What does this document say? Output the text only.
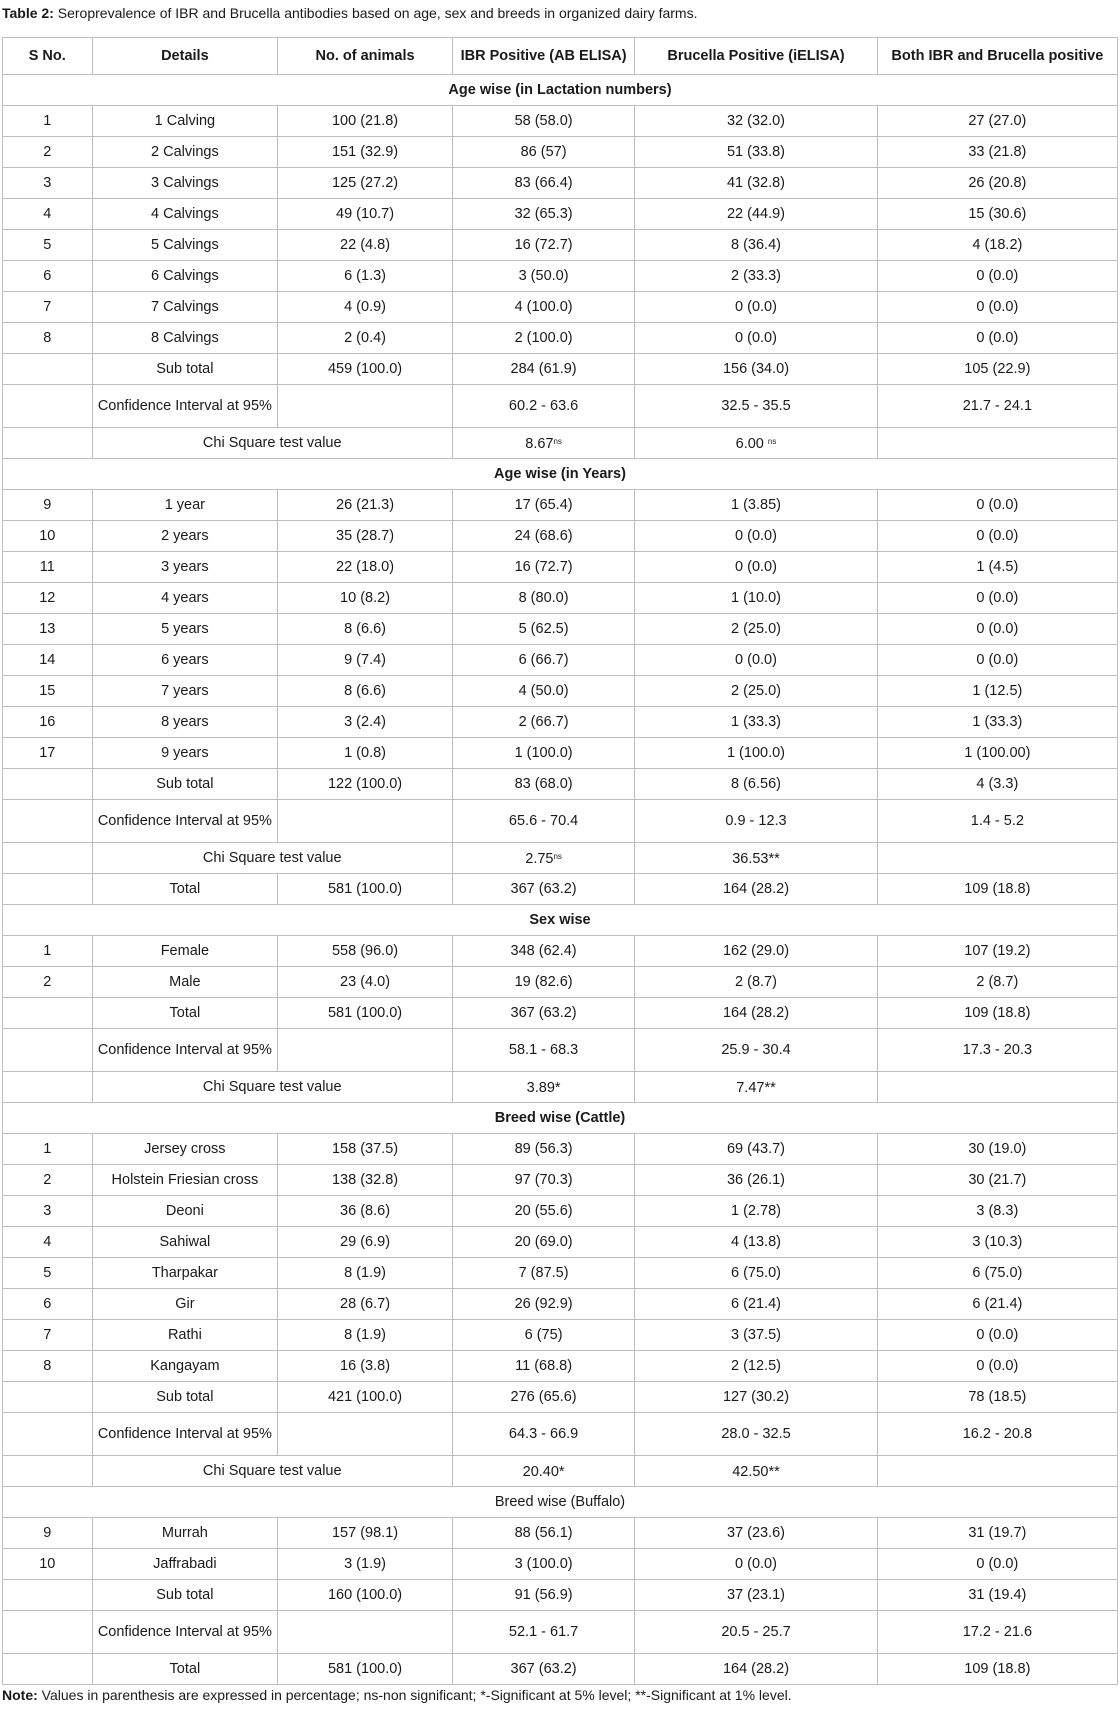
Table 2: Seroprevalence of IBR and Brucella antibodies based on age, sex and breeds in organized dairy farms.
S No.	Details	No. of animals	IBR Positive (AB ELISA)	Brucella Positive (iELISA)	Both IBR and Brucella positive
Age wise (in Lactation numbers)					
1	1 Calving	100 (21.8)	58 (58.0)	32 (32.0)	27 (27.0)
2	2 Calvings	151 (32.9)	86 (57)	51 (33.8)	33 (21.8)
3	3 Calvings	125 (27.2)	83 (66.4)	41 (32.8)	26 (20.8)
4	4 Calvings	49 (10.7)	32 (65.3)	22 (44.9)	15 (30.6)
5	5 Calvings	22 (4.8)	16 (72.7)	8 (36.4)	4 (18.2)
6	6 Calvings	6 (1.3)	3 (50.0)	2 (33.3)	0 (0.0)
7	7 Calvings	4 (0.9)	4 (100.0)	0 (0.0)	0 (0.0)
8	8 Calvings	2 (0.4)	2 (100.0)	0 (0.0)	0 (0.0)
	Sub total	459 (100.0)	284 (61.9)	156 (34.0)	105 (22.9)
	Confidence Interval at 95%		60.2 - 63.6	32.5 - 35.5	21.7 - 24.1
	Chi Square test value		$8.67^{ns}$	6.00 $^{ns}$	
Age wise (in Years)					
9	1 year	26 (21.3)	17 (65.4)	1 (3.85)	0 (0.0)
10	2 years	35 (28.7)	24 (68.6)	0 (0.0)	0 (0.0)
11	3 years	22 (18.0)	16 (72.7)	0 (0.0)	1 (4.5)
12	4 years	10 (8.2)	8 (80.0)	1 (10.0)	0 (0.0)
13	5 years	8 (6.6)	5 (62.5)	2 (25.0)	0 (0.0)
14	6 years	9 (7.4)	6 (66.7)	0 (0.0)	0 (0.0)
15	7 years	8 (6.6)	4 (50.0)	2 (25.0)	1 (12.5)
16	8 years	3 (2.4)	2 (66.7)	1 (33.3)	1 (33.3)
17	9 years	1 (0.8)	1 (100.0)	1 (100.0)	1 (100.00)
	Sub total	122 (100.0)	83 (68.0)	8 (6.56)	4 (3.3)
	Confidence Interval at 95%		65.6 - 70.4	0.9 - 12.3	1.4 - 5.2
	Chi Square test value		$2.75^{ns}$	36.53**	
	Total	581 (100.0)	367 (63.2)	164 (28.2)	109 (18.8)
Sex wise					
1	Female	558 (96.0)	348 (62.4)	162 (29.0)	107 (19.2)
2	Male	23 (4.0)	19 (82.6)	2 (8.7)	2 (8.7)
	Total	581 (100.0)	367 (63.2)	164 (28.2)	109 (18.8)
	Confidence Interval at 95%		58.1 - 68.3	25.9 - 30.4	17.3 - 20.3
	Chi Square test value		3.89*	7.47**	
Breed wise (Cattle)					
1	Jersey cross	158 (37.5)	89 (56.3)	69 (43.7)	30 (19.0)
2	Holstein Friesian cross	138 (32.8)	97 (70.3)	36 (26.1)	30 (21.7)
3	Deoni	36 (8.6)	20 (55.6)	1 (2.78)	3 (8.3)
4	Sahiwal	29 (6.9)	20 (69.0)	4 (13.8)	3 (10.3)
5	Tharpakar	8 (1.9)	7 (87.5)	6 (75.0)	6 (75.0)
6	Gir	28 (6.7)	26 (92.9)	6 (21.4)	6 (21.4)
7	Rathi	8 (1.9)	6 (75)	3 (37.5)	0 (0.0)
8	Kangayam	16 (3.8)	11 (68.8)	2 (12.5)	0 (0.0)
	Sub total	421 (100.0)	276 (65.6)	127 (30.2)	78 (18.5)
	Confidence Interval at 95%		64.3 - 66.9	28.0 - 32.5	16.2 - 20.8
	Chi Square test value		20.40*	42.50**	
Breed wise (Buffalo)					
9	Murrah	157 (98.1)	88 (56.1)	37 (23.6)	31 (19.7)
10	Jaffrabadi	3 (1.9)	3 (100.0)	0 (0.0)	0 (0.0)
	Sub total	160 (100.0)	91 (56.9)	37 (23.1)	31 (19.4)
	Confidence Interval at 95%		52.1 - 61.7	20.5 - 25.7	17.2 - 21.6
	Total	581 (100.0)	367 (63.2)	164 (28.2)	109 (18.8)
Note: Values in parenthesis are expressed in percentage; ns-non significant; *-Significant at 5% level; **-Significant at 1% level.
